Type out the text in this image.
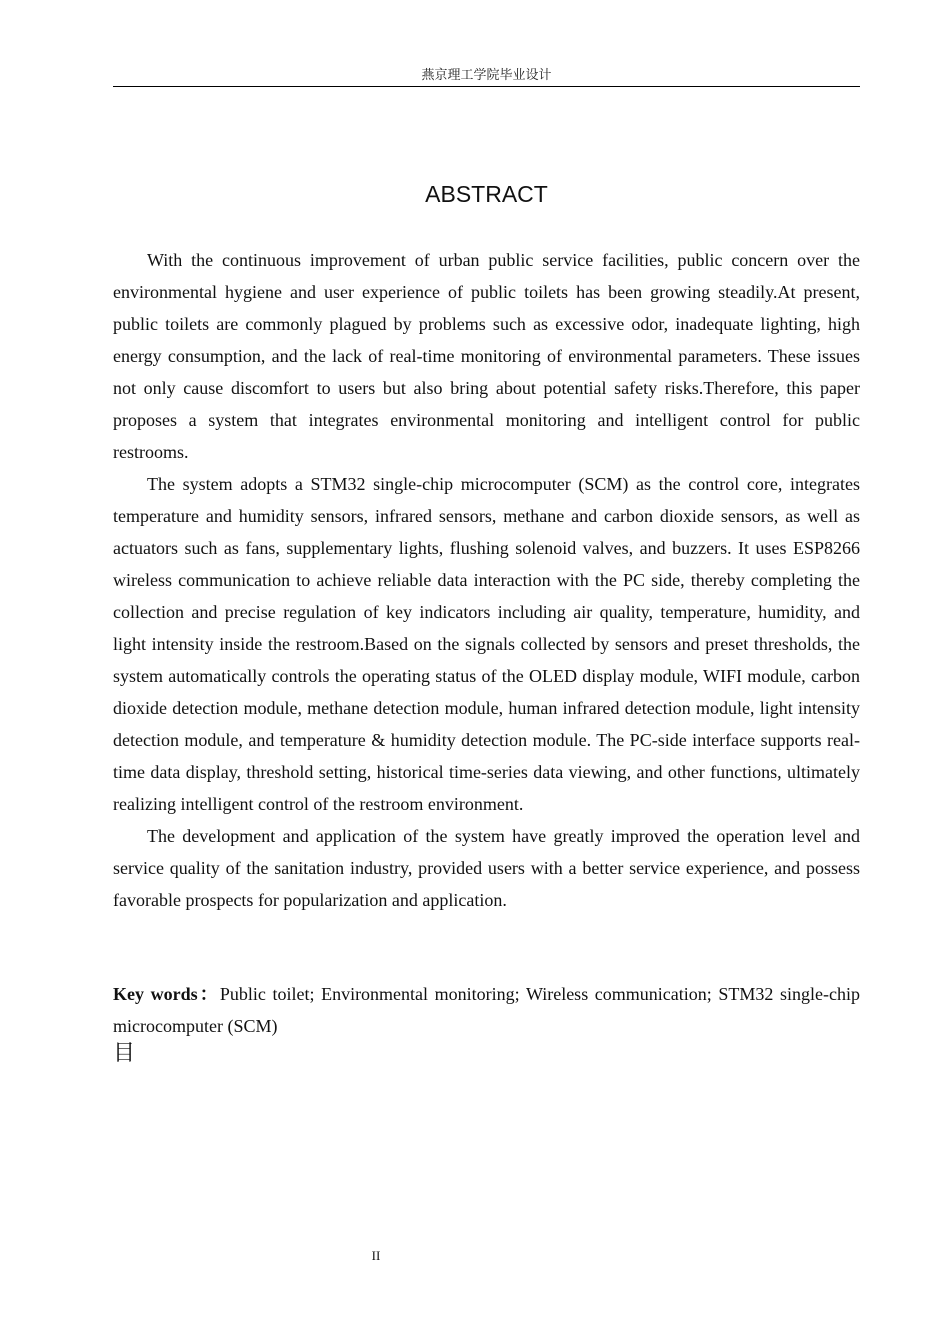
燕京理工学院毕业设计
ABSTRACT

With the continuous improvement of urban public service facilities, public concern over the environmental hygiene and user experience of public toilets has been growing steadily.At present, public toilets are commonly plagued by problems such as excessive odor, inadequate lighting, high energy consumption, and the lack of real-time monitoring of environmental parameters. These issues not only cause discomfort to users but also bring about potential safety risks.Therefore, this paper proposes a system that integrates environmental monitoring and intelligent control for public restrooms.

The system adopts a STM32 single-chip microcomputer (SCM) as the control core, integrates temperature and humidity sensors, infrared sensors, methane and carbon dioxide sensors, as well as actuators such as fans, supplementary lights, flushing solenoid valves, and buzzers. It uses ESP8266 wireless communication to achieve reliable data interaction with the PC side, thereby completing the collection and precise regulation of key indicators including air quality, temperature, humidity, and light intensity inside the restroom.Based on the signals collected by sensors and preset thresholds, the system automatically controls the operating status of the OLED display module, WIFI module, carbon dioxide detection module, methane detection module, human infrared detection module, light intensity detection module, and temperature & humidity detection module. The PC-side interface supports real-time data display, threshold setting, historical time-series data viewing, and other functions, ultimately realizing intelligent control of the restroom environment.

The development and application of the system have greatly improved the operation level and service quality of the sanitation industry, provided users with a better service experience, and possess favorable prospects for popularization and application.

Key words：Public toilet; Environmental monitoring; Wireless communication; STM32 single-chip microcomputer (SCM)

目
II
